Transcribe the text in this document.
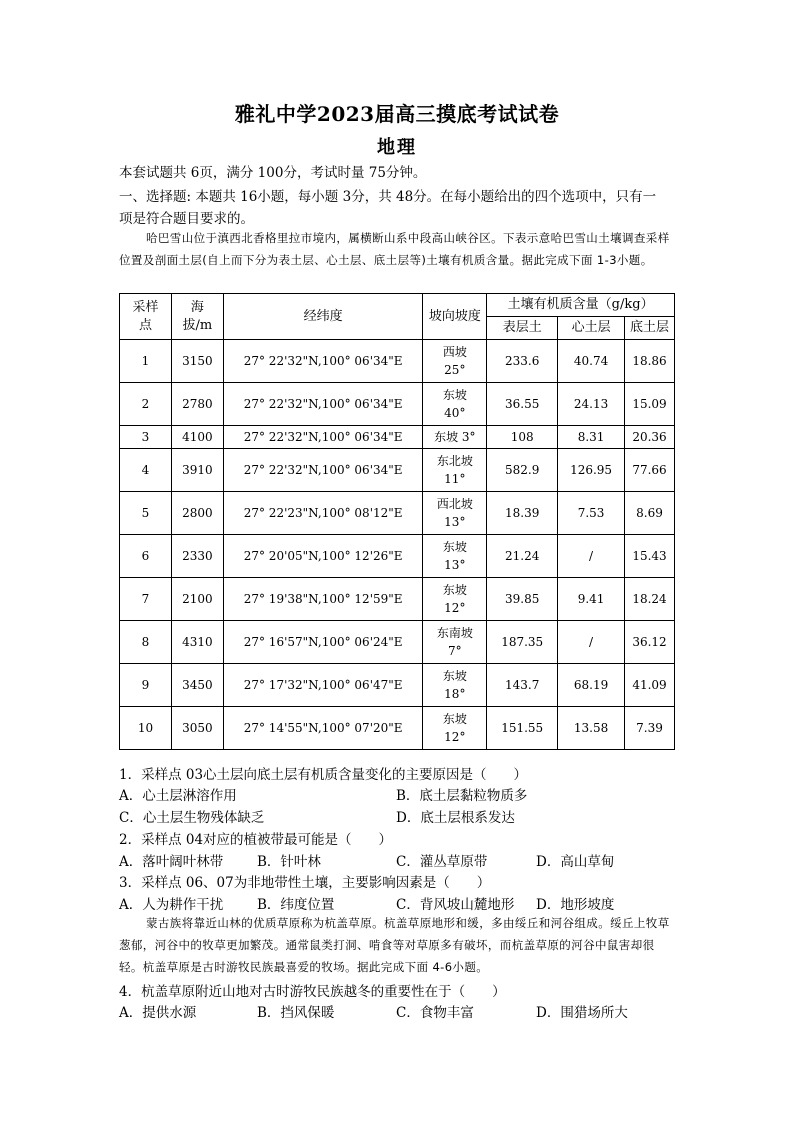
雅礼中学2023届高三摸底考试试卷
地理
本套试题共 6页，满分 100分，考试时量 75分钟。
一、选择题: 本题共 16小题，每小题 3分，共 48分。在每小题给出的四个选项中，只有一
项是符合题目要求的。
哈巴雪山位于滇西北香格里拉市境内，属横断山系中段高山峡谷区。下表示意哈巴雪山土壤调查采样位置及剖面土层(自上而下分为表土层、心土层、底土层等)土壤有机质含量。据此完成下面 1-3小题。
采样点	海拔/m	经纬度	坡向坡度	土壤有机质含量（g/kg）		
				表层土	心土层	底土层
1	3150	27° 22'32"N,100° 06'34"E	西坡25°	233.6	40.74	18.86
2	2780	27° 22'32"N,100° 06'34"E	东坡40°	36.55	24.13	15.09
3	4100	27° 22'32"N,100° 06'34"E	东坡 3°	108	8.31	20.36
4	3910	27° 22'32"N,100° 06'34"E	东北坡11°	582.9	126.95	77.66
5	2800	27° 22'23"N,100° 08'12"E	西北坡13°	18.39	7.53	8.69
6	2330	27° 20'05"N,100° 12'26"E	东坡13°	21.24	/	15.43
7	2100	27° 19'38"N,100° 12'59"E	东坡12°	39.85	9.41	18.24
8	4310	27° 16'57"N,100° 06'24"E	东南坡7°	187.35	/	36.12
9	3450	27° 17'32"N,100° 06'47"E	东坡18°	143.7	68.19	41.09
10	3050	27° 14'55"N,100° 07'20"E	东坡12°	151.55	13.58	7.39
1．采样点 03心土层向底土层有机质含量变化的主要原因是（　　）
A．心土层淋溶作用	B．底土层黏粒物质多
C．心土层生物残体缺乏	D．底土层根系发达
2．采样点 04对应的植被带最可能是（　　）
A．落叶阔叶林带	B．针叶林	C．灌丛草原带	D．高山草甸
3．采样点 06、07为非地带性土壤，主要影响因素是（　　）
A．人为耕作干扰	B．纬度位置	C．背风坡山麓地形 D．地形坡度
蒙古族将靠近山林的优质草原称为杭盖草原。杭盖草原地形和缓，多由绥丘和河谷组成。绥丘上牧草葱郁，河谷中的牧草更加繁茂。通常鼠类打洞、啃食等对草原多有破坏，而杭盖草原的河谷中鼠害却很轻。杭盖草原是古时游牧民族最喜爱的牧场。据此完成下面 4-6小题。
4．杭盖草原附近山地对古时游牧民族越冬的重要性在于（　　）
A．提供水源	B．挡风保暖	C．食物丰富	D．围猎场所大
